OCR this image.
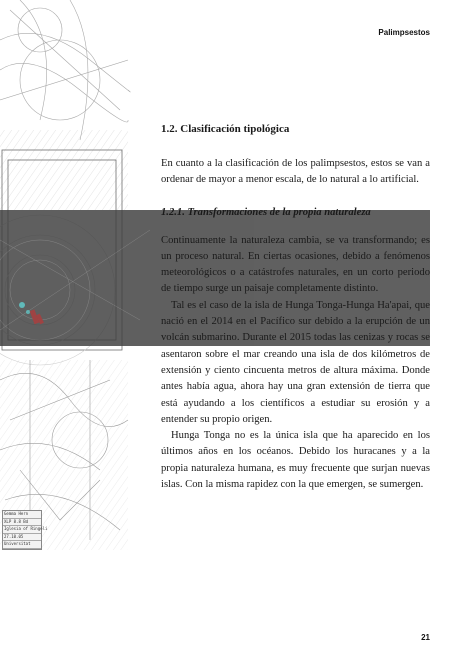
Gemma Hern
XLP 8.8 Bd
Iglesia of Ringeli
27.10.05
Universitat
Palimpsestos
1.2. Clasificación tipológica

En cuanto a la clasificación de los palimpsestos, estos se van a ordenar de mayor a menor escala, de lo natural a lo artificial.

1.2.1. Transformaciones de la propia naturaleza

Continuamente la naturaleza cambia, se va transformando; es un proceso natural. En ciertas ocasiones, debido a fenómenos meteorológicos o a catástrofes naturales, en un corto periodo de tiempo surge un paisaje completamente distinto.

Tal es el caso de la isla de Hunga Tonga-Hunga Ha'apai, que nació en el 2014 en el Pacífico sur debido a la erupción de un volcán submarino. Durante el 2015 todas las cenizas y rocas se asentaron sobre el mar creando una isla de dos kilómetros de extensión y ciento cincuenta metros de altura máxima. Donde antes había agua, ahora hay una gran extensión de tierra que está ayudando a los científicos a estudiar su erosión y a entender su propio origen.

Hunga Tonga no es la única isla que ha aparecido en los últimos años en los océanos. Debido los huracanes y a la propia naturaleza humana, es muy frecuente que surjan nuevas islas. Con la misma rapidez con la que emergen, se sumergen.

21
